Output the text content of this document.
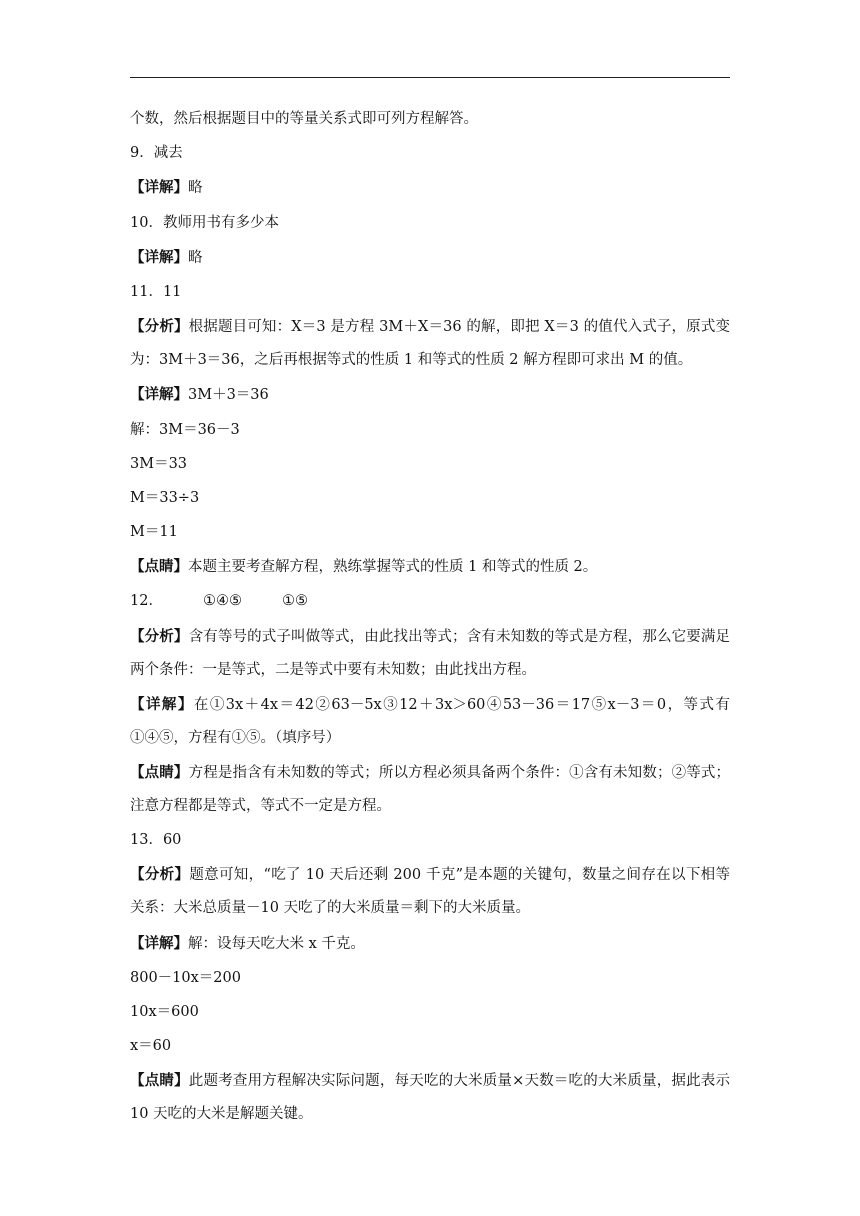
个数，然后根据题目中的等量关系式即可列方程解答。
9．减去
【详解】略
10．教师用书有多少本
【详解】略
11．11
【分析】根据题目可知：X＝3 是方程 3M＋X＝36 的解，即把 X＝3 的值代入式子，原式变为：3M＋3＝36，之后再根据等式的性质 1 和等式的性质 2 解方程即可求出 M 的值。
【详解】3M＋3＝36
解：3M＝36－3
3M＝33
M＝33÷3
M＝11
【点睛】本题主要考查解方程，熟练掌握等式的性质 1 和等式的性质 2。
12．	①④⑤	①⑤
【分析】含有等号的式子叫做等式，由此找出等式；含有未知数的等式是方程，那么它要满足两个条件：一是等式，二是等式中要有未知数；由此找出方程。
【详解】在①3x＋4x＝42②63－5x③12＋3x＞60④53－36＝17⑤x－3＝0，等式有①④⑤，方程有①⑤。（填序号）
【点睛】方程是指含有未知数的等式；所以方程必须具备两个条件：①含有未知数；②等式；注意方程都是等式，等式不一定是方程。
13．60
【分析】题意可知，“吃了 10 天后还剩 200 千克”是本题的关键句，数量之间存在以下相等关系：大米总质量－10 天吃了的大米质量＝剩下的大米质量。
【详解】解：设每天吃大米 x 千克。
800－10x＝200
10x＝600
x＝60
【点睛】此题考查用方程解决实际问题，每天吃的大米质量×天数＝吃的大米质量，据此表示 10 天吃的大米是解题关键。
